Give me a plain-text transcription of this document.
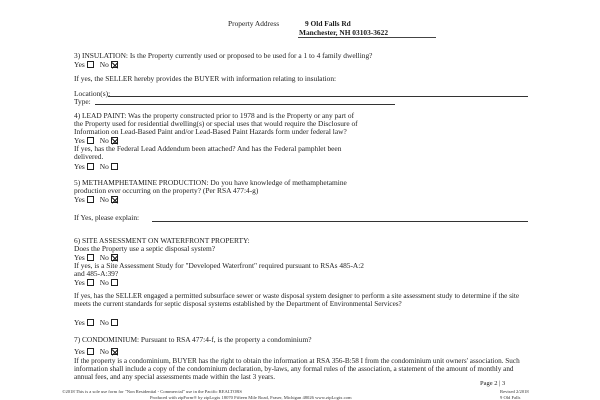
Property Address	9 Old Falls Rd
Manchester, NH 03103-3622
3) INSULATION: Is the Property currently used or proposed to be used for a 1 to 4 family dwelling?
Yes No
If yes, the SELLER hereby provides the BUYER with information relating to insulation:
Location(s):
Type:
4) LEAD PAINT: Was the property constructed prior to 1978 and is the Property or any part of
the Property used for residential dwelling(s) or special uses that would require the Disclosure of
Information on Lead-Based Paint and/or Lead-Based Paint Hazards form under federal law?
Yes No
If yes, has the Federal Lead Addendum been attached? And has the Federal pamphlet been
delivered.
Yes No
5) METHAMPHETAMINE PRODUCTION: Do you have knowledge of methamphetamine
production ever occurring on the property? (Per RSA 477:4-g)
Yes No
If Yes, please explain:
6) SITE ASSESSMENT ON WATERFRONT PROPERTY:
Does the Property use a septic disposal system?
Yes No
If yes, is a Site Assessment Study for "Developed Waterfront" required pursuant to RSAs 485-A:2
and 485-A:39?
Yes No
If yes, has the SELLER engaged a permitted subsurface sewer or waste disposal system designer to perform a site assessment study to determine if the site meets the current standards for septic disposal systems established by the Department of Environmental Services?
Yes No
7) CONDOMINIUM: Pursuant to RSA 477:4-f, is the property a condominium?
Yes No
If the property is a condominium, BUYER has the right to obtain the information at RSA 356-B:58 I from the condominium unit owners' association. Such information shall include a copy of the condominium declaration, by-laws, any formal rules of the association, a statement of the amount of monthly and annual fees, and any special assessments made within the last 3 years.
Page 2 | 3
©2018 This is a sole use form for "Non Residential - Commercial" use in the Pacific REALTORS	Revised 2/2018
Produced with zipForm® by zipLogix 18070 Fifteen Mile Road, Fraser, Michigan 48026 www.zipLogix.com	9 Old Falls
